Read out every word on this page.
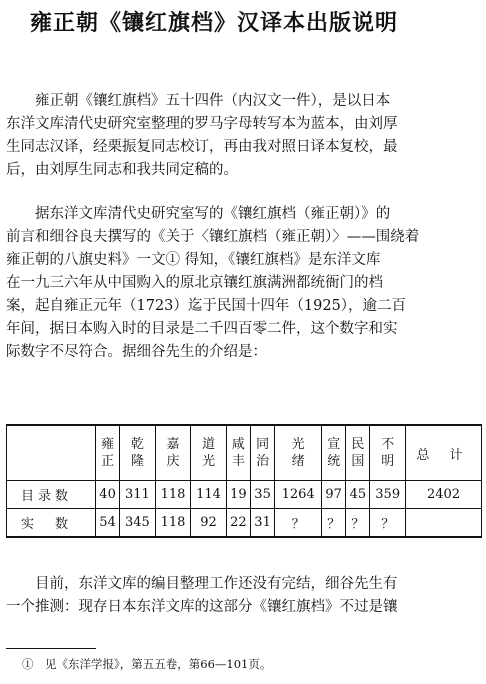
雍正朝《镶红旗档》汉译本出版说明

雍正朝《镶红旗档》五十四件（内汉文一件），是以日本
东洋文库清代史研究室整理的罗马字母转写本为蓝本，由刘厚
生同志汉译，经栗振复同志校订，再由我对照日译本复校，最
后，由刘厚生同志和我共同定稿的。

据东洋文库清代史研究室写的《镶红旗档（雍正朝）》的
前言和细谷良夫撰写的《关于〈镶红旗档（雍正朝）〉——围绕着
雍正朝的八旗史料》一文① 得知，《镶红旗档》是东洋文库
在一九三六年从中国购入的原北京镶红旗满洲都统衙门的档
案，起自雍正元年（1723）迄于民国十四年（1925），逾二百
年间，据日本购入时的目录是二千四百零二件，这个数字和实
际数字不尽符合。据细谷先生的介绍是：

	雍正	乾隆	嘉庆	道光	咸丰	同治	光绪	宣统	民国	不明	总 计
目录数	40	311	118	114	19	35	1264	97	45	359	2402
实　数	54	345	118	92	22	31	？	？	？	？	

目前，东洋文库的编目整理工作还没有完结，细谷先生有
一个推测：现存日本东洋文库的这部分《镶红旗档》不过是镶

①　见《东洋学报》，第五五卷，第66—101页。
